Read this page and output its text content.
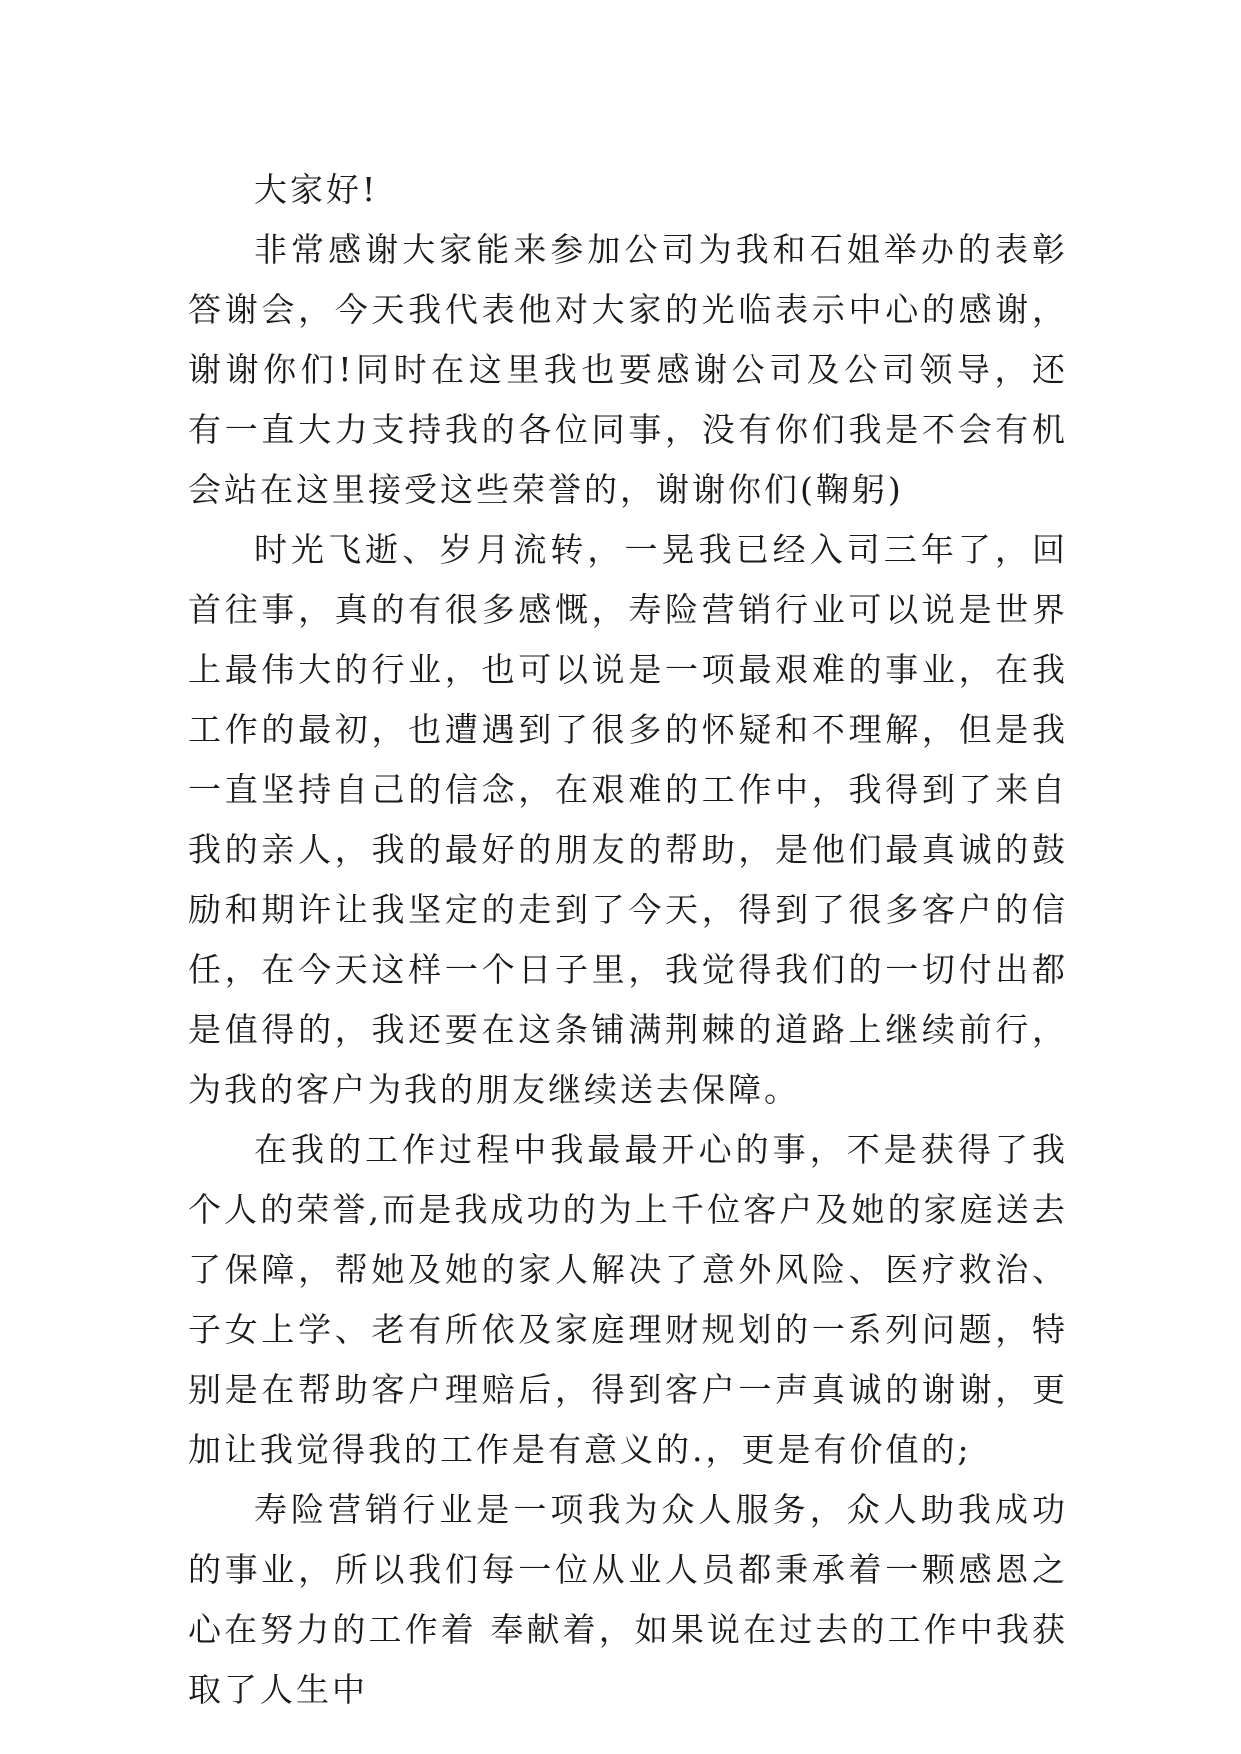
大家好!

非常感谢大家能来参加公司为我和石姐举办的表彰答谢会，今天我代表他对大家的光临表示中心的感谢，谢谢你们!同时在这里我也要感谢公司及公司领导，还有一直大力支持我的各位同事，没有你们我是不会有机会站在这里接受这些荣誉的，谢谢你们(鞠躬)

时光飞逝、岁月流转，一晃我已经入司三年了，回首往事，真的有很多感慨，寿险营销行业可以说是世界上最伟大的行业，也可以说是一项最艰难的事业，在我工作的最初，也遭遇到了很多的怀疑和不理解，但是我一直坚持自己的信念，在艰难的工作中，我得到了来自我的亲人，我的最好的朋友的帮助，是他们最真诚的鼓励和期许让我坚定的走到了今天，得到了很多客户的信任，在今天这样一个日子里，我觉得我们的一切付出都是值得的，我还要在这条铺满荆棘的道路上继续前行，为我的客户为我的朋友继续送去保障。

在我的工作过程中我最最开心的事，不是获得了我个人的荣誉,而是我成功的为上千位客户及她的家庭送去了保障，帮她及她的家人解决了意外风险、医疗救治、子女上学、老有所依及家庭理财规划的一系列问题，特别是在帮助客户理赔后，得到客户一声真诚的谢谢，更加让我觉得我的工作是有意义的.，更是有价值的;

寿险营销行业是一项我为众人服务，众人助我成功的事业，所以我们每一位从业人员都秉承着一颗感恩之心在努力的工作着 奉献着，如果说在过去的工作中我获取了人生中
